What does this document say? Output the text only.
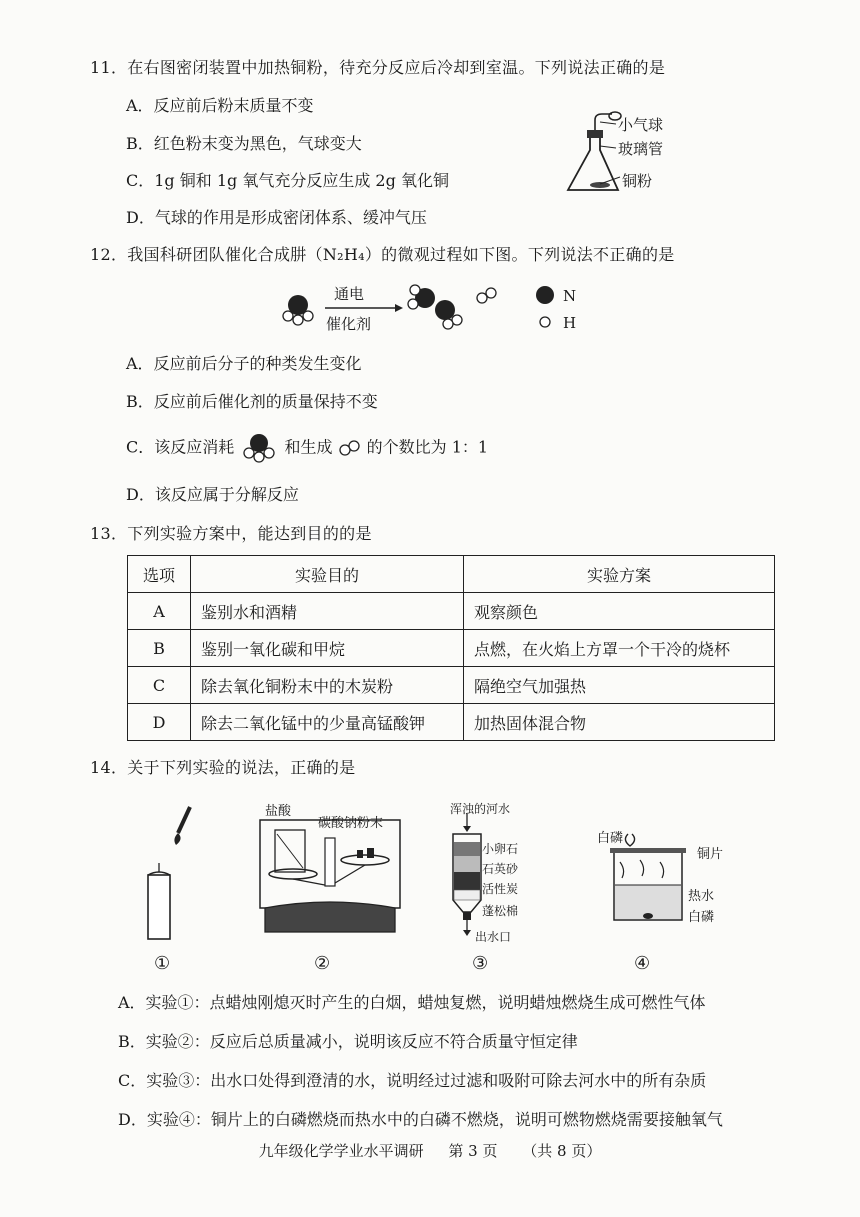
11．在右图密闭装置中加热铜粉，待充分反应后冷却到室温。下列说法正确的是
A．反应前后粉末质量不变
B．红色粉末变为黑色，气球变大
C．1g 铜和 1g 氧气充分反应生成 2g 氧化铜
D．气球的作用是形成密闭体系、缓冲气压
小气球
玻璃管
铜粉
12．我国科研团队催化合成肼（N₂H₄）的微观过程如下图。下列说法不正确的是
通电
催化剂
N
H
A．反应前后分子的种类发生变化
B．反应前后催化剂的质量保持不变
C．该反应消耗	和生成 的个数比为 1：1
D．该反应属于分解反应
13．下列实验方案中，能达到目的的是
选项	实验目的	实验方案
A	鉴别水和酒精	观察颜色
B	鉴别一氧化碳和甲烷	点燃，在火焰上方罩一个干冷的烧杯
C	除去氧化铜粉末中的木炭粉	隔绝空气加强热
D	除去二氧化锰中的少量高锰酸钾	加热固体混合物
14．关于下列实验的说法，正确的是
盐酸
碳酸钠粉末
浑浊的河水
小卵石
石英砂
活性炭
蓬松棉
出水口
白磷
铜片
热水
白磷
①	②	③	④
A．实验①：点蜡烛刚熄灭时产生的白烟，蜡烛复燃，说明蜡烛燃烧生成可燃性气体
B．实验②：反应后总质量减小，说明该反应不符合质量守恒定律
C．实验③：出水口处得到澄清的水，说明经过过滤和吸附可除去河水中的所有杂质
D．实验④：铜片上的白磷燃烧而热水中的白磷不燃烧，说明可燃物燃烧需要接触氧气
九年级化学学业水平调研 第 3 页 （共 8 页）
